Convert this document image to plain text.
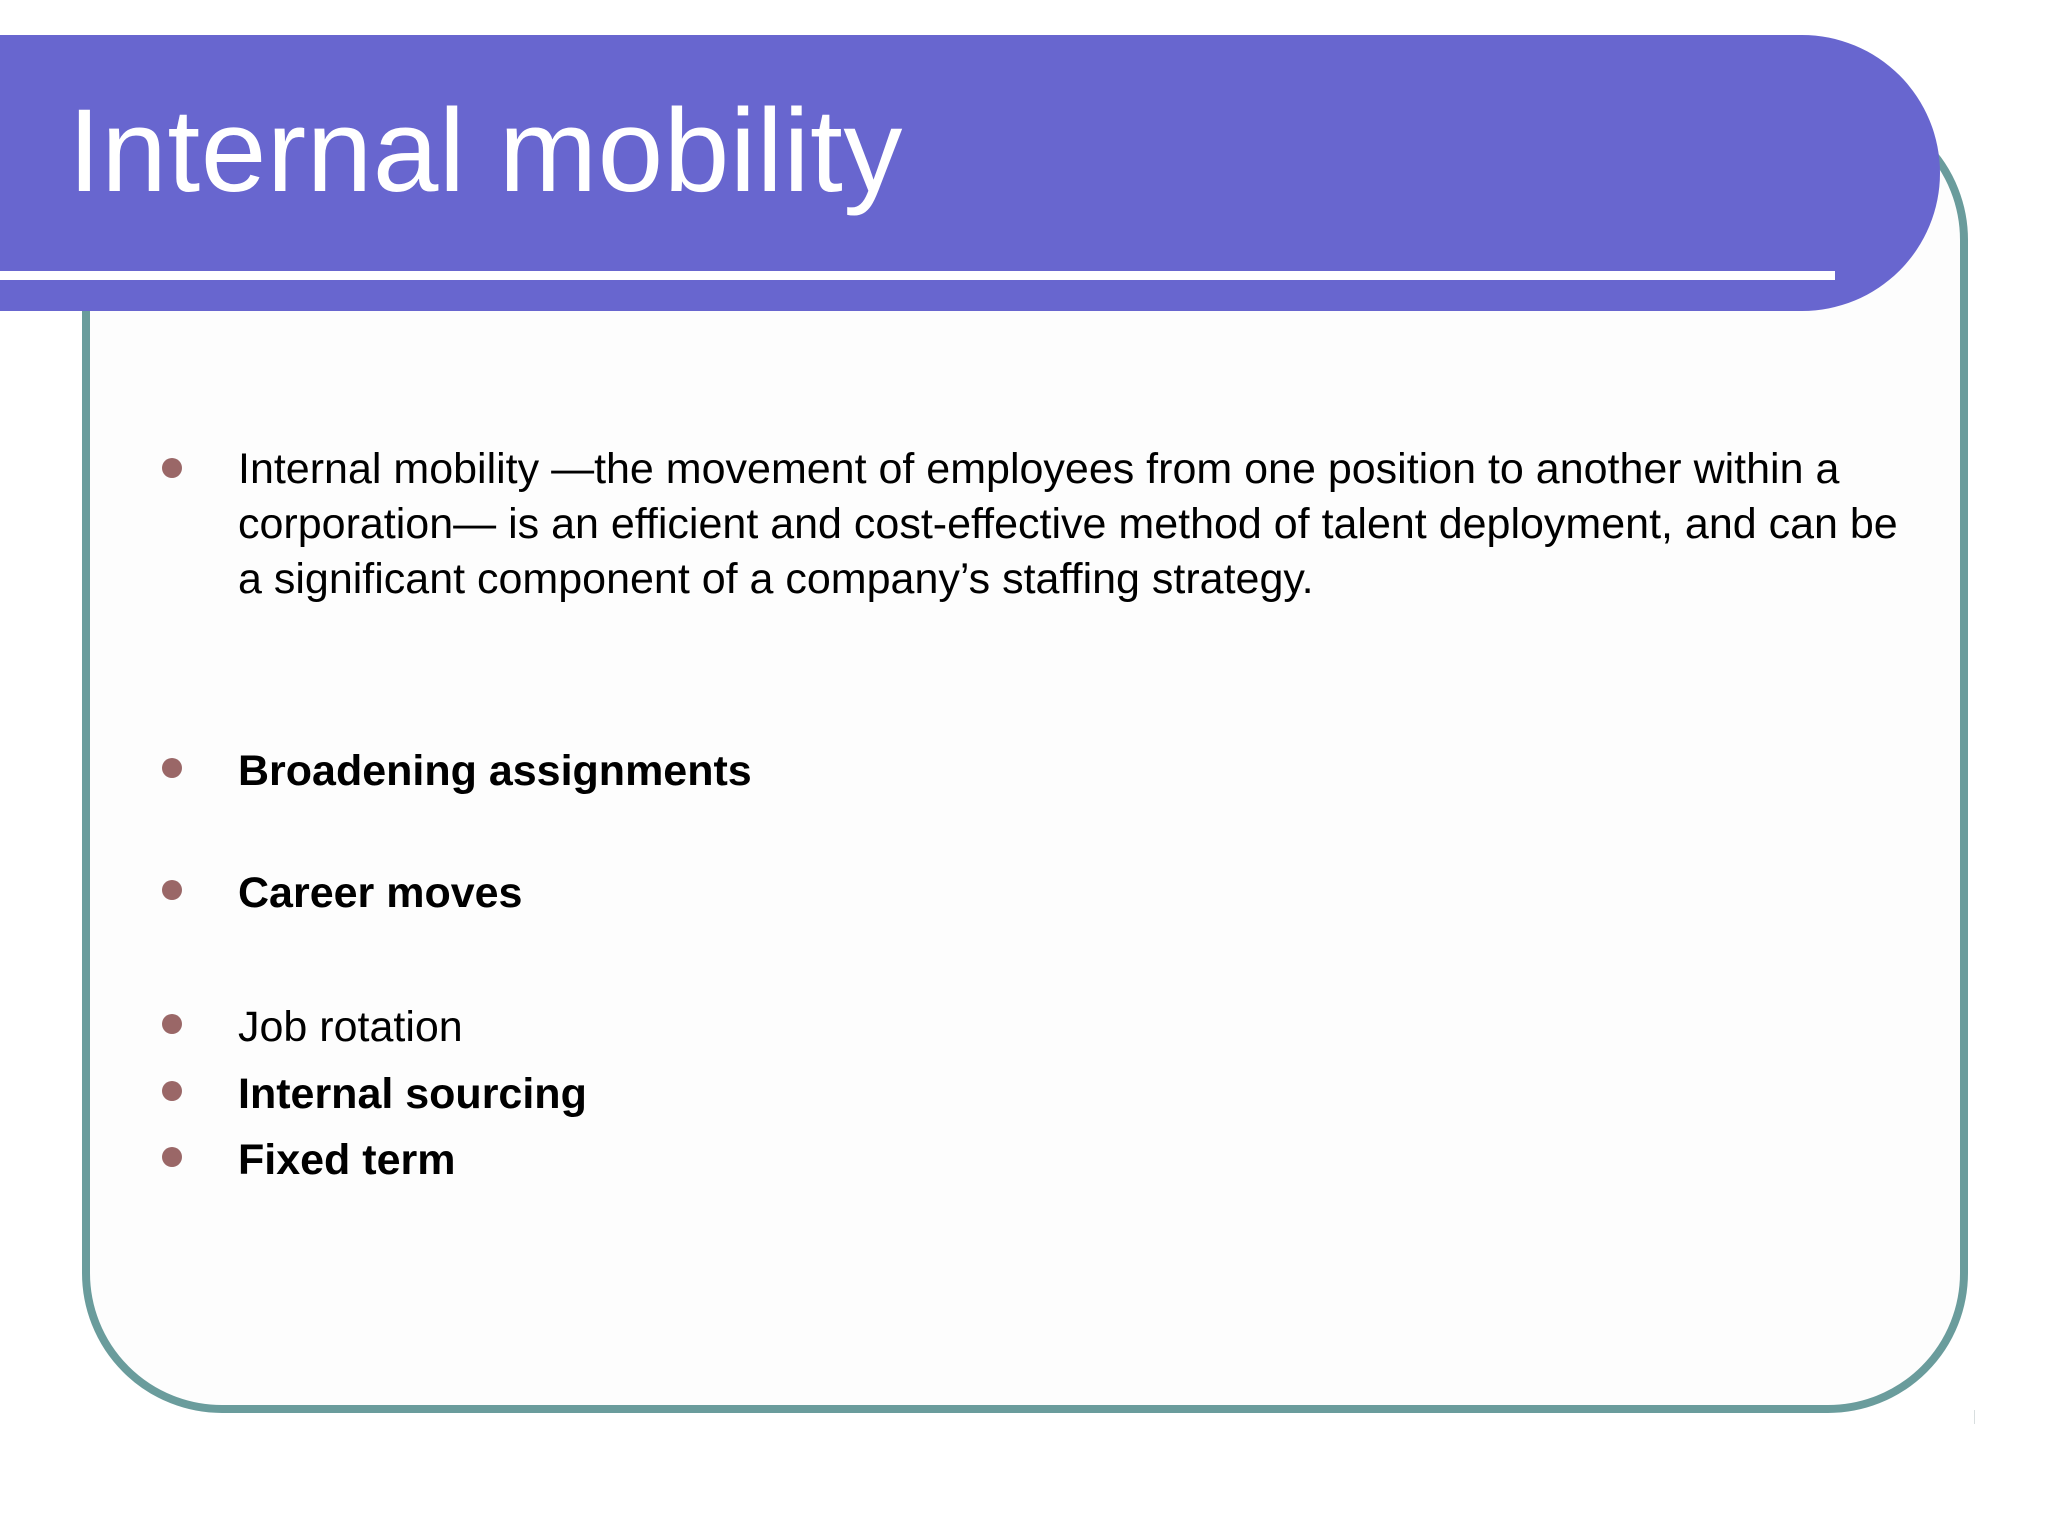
Internal mobility
Internal mobility —the movement of employees from one position to another within a corporation— is an efficient and cost-effective method of talent deployment, and can be a significant component of a company’s staffing strategy.
Broadening assignments
Career moves
Job rotation
Internal sourcing
Fixed term
